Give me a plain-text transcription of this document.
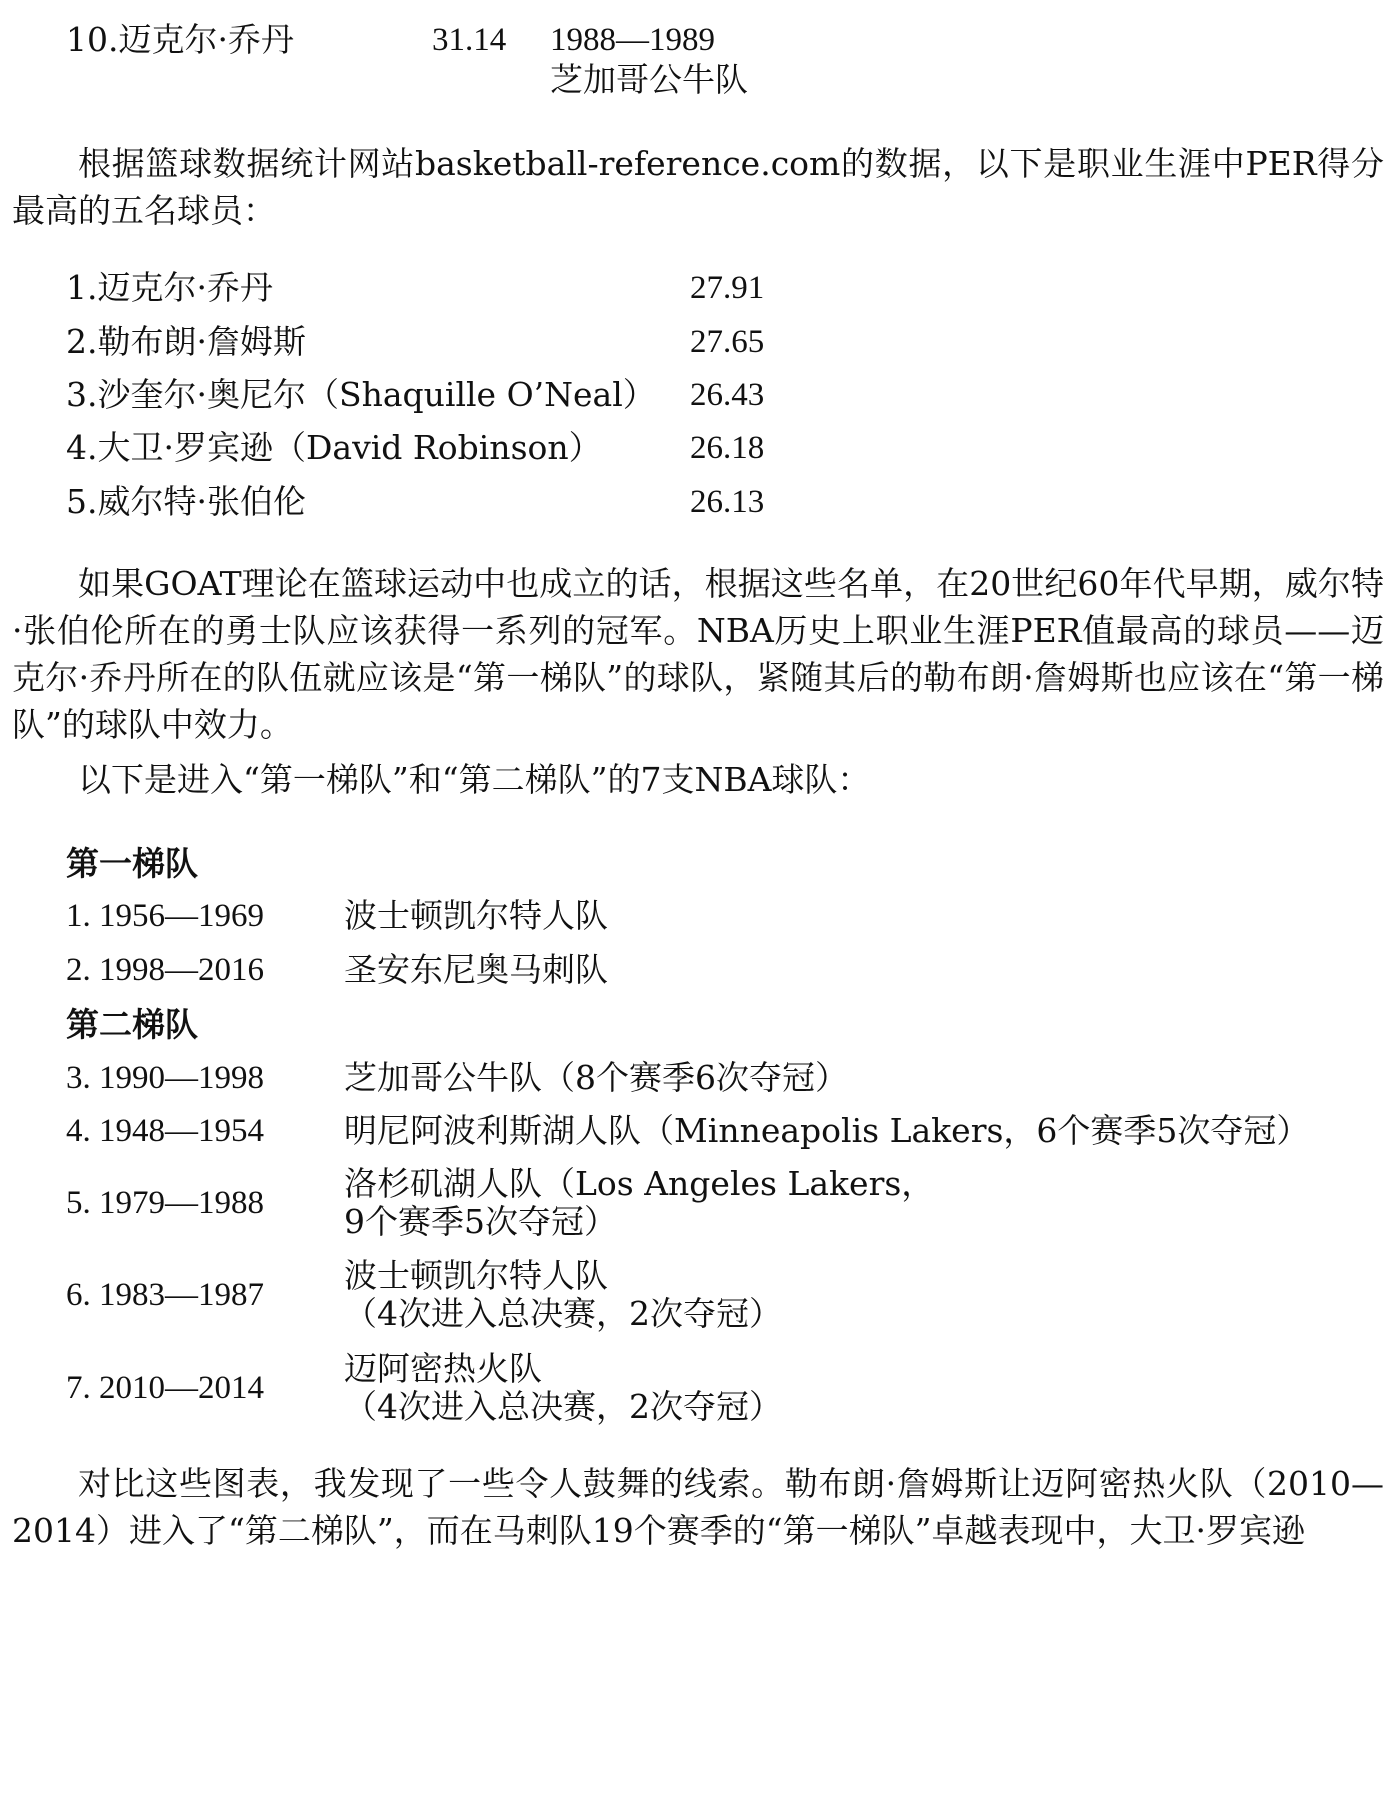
10.迈克尔·乔丹	31.14 1988—1989
芝加哥公牛队
根据篮球数据统计网站basketball-reference.com的数据，以下是职业生涯中PER得分最高的五名球员：
1.迈克尔·乔丹	27.91
2.勒布朗·詹姆斯	27.65
3.沙奎尔·奥尼尔（Shaquille O’Neal） 26.43
4.大卫·罗宾逊（David Robinson）	26.18
5.威尔特·张伯伦	26.13
如果GOAT理论在篮球运动中也成立的话，根据这些名单，在20世纪60年代早期，威尔特·张伯伦所在的勇士队应该获得一系列的冠军。NBA历史上职业生涯PER值最高的球员——迈克尔·乔丹所在的队伍就应该是“第一梯队”的球队，紧随其后的勒布朗·詹姆斯也应该在“第一梯队”的球队中效力。
以下是进入“第一梯队”和“第二梯队”的7支NBA球队：
第一梯队
1. 1956—1969 波士顿凯尔特人队
2. 1998—2016 圣安东尼奥马刺队
第二梯队
3. 1990—1998 芝加哥公牛队（8个赛季6次夺冠）
4. 1948—1954 明尼阿波利斯湖人队（Minneapolis Lakers，6个赛季5次夺冠）
5. 1979—1988 洛杉矶湖人队（Los Angeles Lakers，
9个赛季5次夺冠）
6. 1983—1987 波士顿凯尔特人队
（4次进入总决赛，2次夺冠）
7. 2010—2014 迈阿密热火队
（4次进入总决赛，2次夺冠）
对比这些图表，我发现了一些令人鼓舞的线索。勒布朗·詹姆斯让迈阿密热火队（2010—2014）进入了“第二梯队”，而在马刺队19个赛季的“第一梯队”卓越表现中，大卫·罗宾逊
